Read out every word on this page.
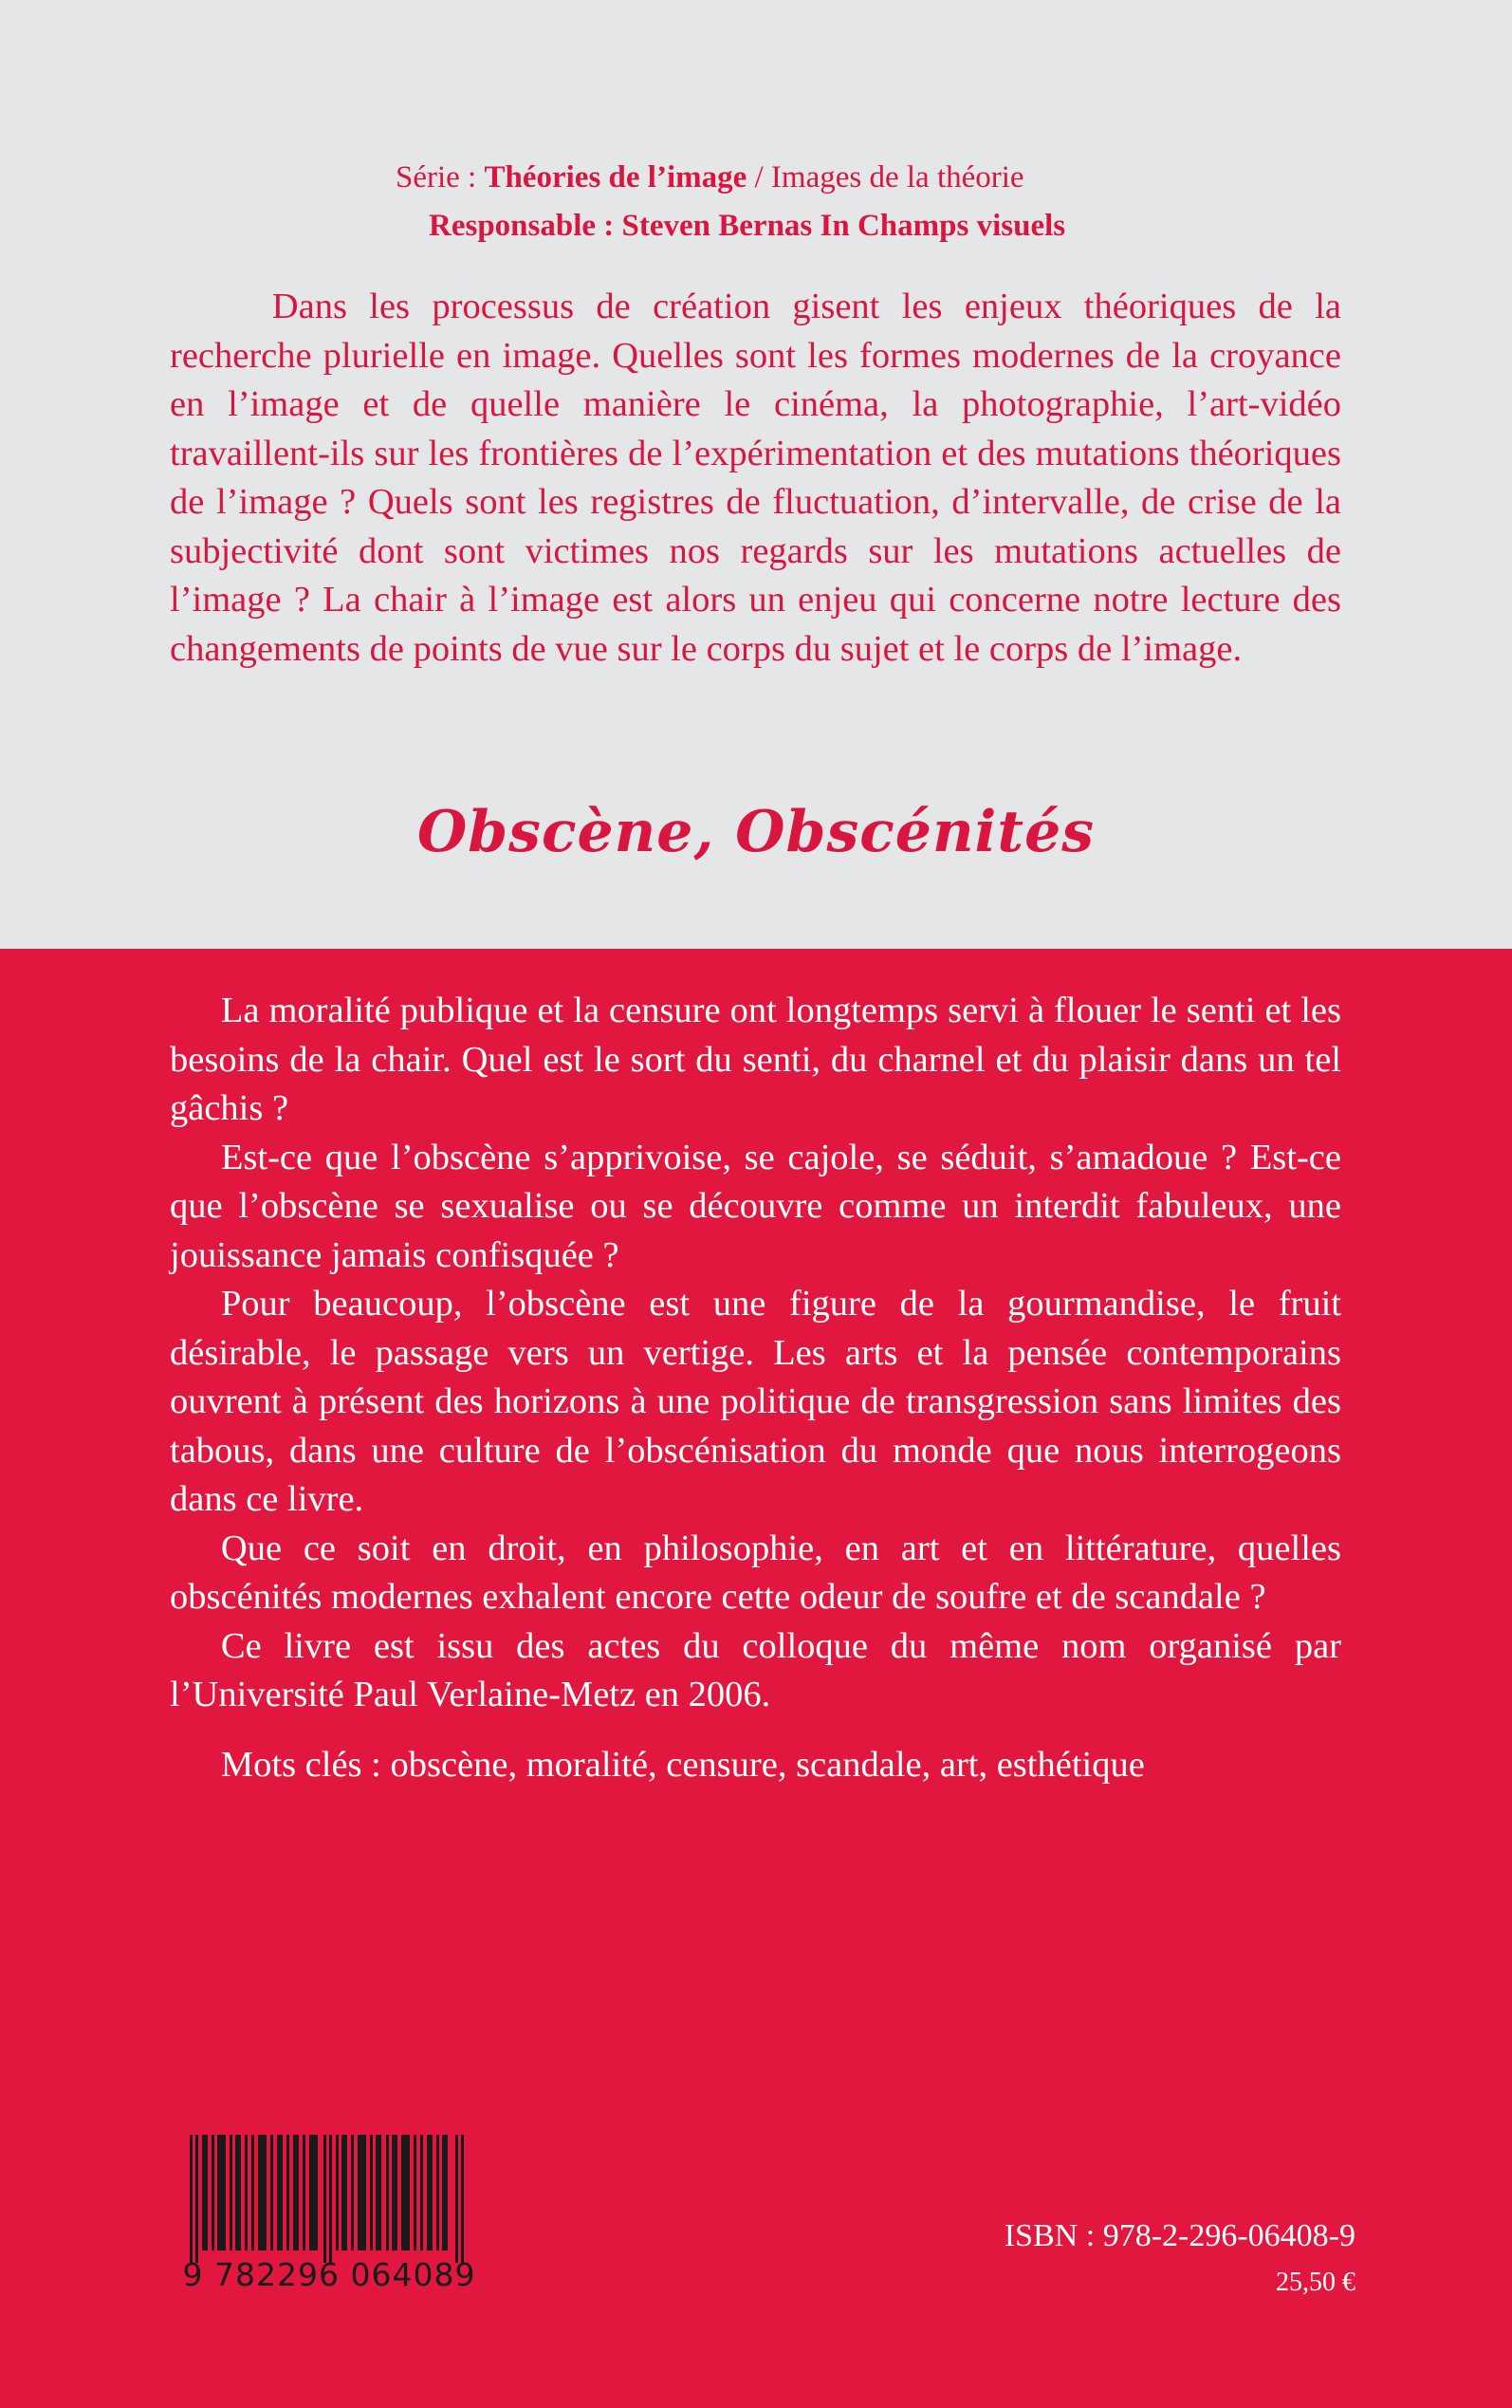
Série : Théories de l’image / Images de la théorie
Responsable : Steven Bernas In Champs visuels

Dans les processus de création gisent les enjeux théoriques de la recherche plurielle en image. Quelles sont les formes modernes de la croyance en l’image et de quelle manière le cinéma, la photographie, l’art-vidéo travaillent-ils sur les frontières de l’expérimentation et des mutations théoriques de l’image ? Quels sont les registres de fluctuation, d’intervalle, de crise de la subjectivité dont sont victimes nos regards sur les mutations actuelles de l’image ? La chair à l’image est alors un enjeu qui concerne notre lecture des changements de points de vue sur le corps du sujet et le corps de l’image.

Obscène, Obscénités

La moralité publique et la censure ont longtemps servi à flouer le senti et les besoins de la chair. Quel est le sort du senti, du charnel et du plaisir dans un tel gâchis ?

Est-ce que l’obscène s’apprivoise, se cajole, se séduit, s’amadoue ? Est-ce que l’obscène se sexualise ou se découvre comme un interdit fabuleux, une jouissance jamais confisquée ?

Pour beaucoup, l’obscène est une figure de la gourmandise, le fruit désirable, le passage vers un vertige. Les arts et la pensée contemporains ouvrent à présent des horizons à une politique de transgression sans limites des tabous, dans une culture de l’obscénisation du monde que nous interrogeons dans ce livre.

Que ce soit en droit, en philosophie, en art et en littérature, quelles obscénités modernes exhalent encore cette odeur de soufre et de scandale ?

Ce livre est issu des actes du colloque du même nom organisé par l’Université Paul Verlaine-Metz en 2006.

Mots clés : obscène, moralité, censure, scandale, art, esthétique

9 782296 064089
ISBN : 978-2-296-06408-9
25,50 €
